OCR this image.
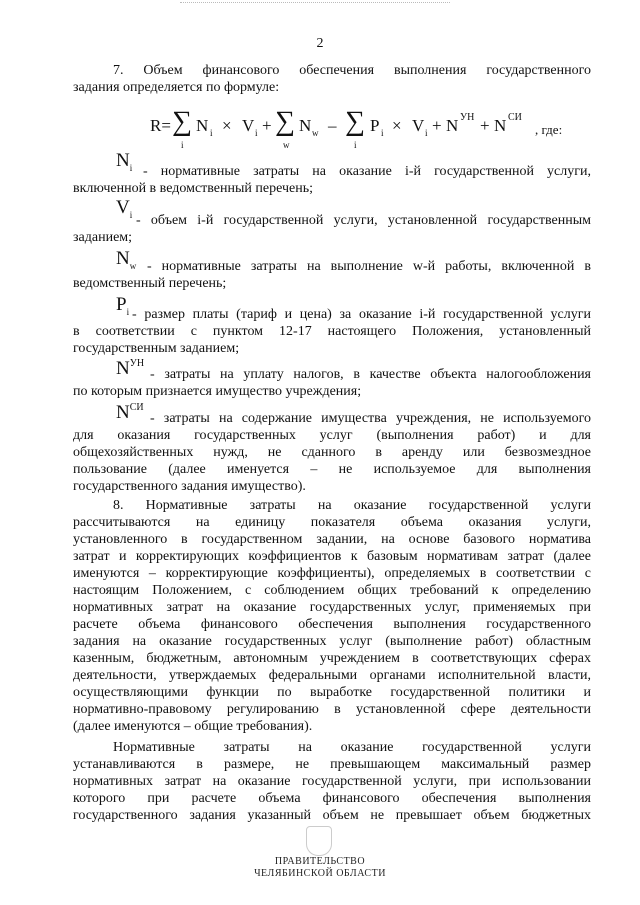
2
7. Объем финансового обеспечения выполнения государственного
задания определяется по формуле:
R= ∑
i
N i × V i + ∑
w
N w – ∑
i
P i × V i + N УН + N СИ
, где:
$N_i$ - нормативные затраты на оказание i-й государственной услуги,
включенной в ведомственный перечень;
$V_i$ - объем i-й государственной услуги, установленной государственным
заданием;
$N_w$ - нормативные затраты на выполнение w-й работы, включенной в
ведомственный перечень;
$P_i$ - размер платы (тариф и цена) за оказание i-й государственной услуги
в соответствии с пунктом 12-17 настоящего Положения, установленный
государственным заданием;
$N^{УН}$
- затраты на уплату налогов, в качестве объекта налогообложения
по которым признается имущество учреждения;
$N^{СИ}$
- затраты на содержание имущества учреждения, не используемого
для оказания государственных услуг (выполнения работ) и для
общехозяйственных нужд, не сданного в аренду или безвозмездное
пользование (далее именуется – не используемое для выполнения
государственного задания имущество).
8. Нормативные затраты на оказание государственной услуги
рассчитываются на единицу показателя объема оказания услуги,
установленного в государственном задании, на основе базового норматива
затрат и корректирующих коэффициентов к базовым нормативам затрат (далее
именуются – корректирующие коэффициенты), определяемых в соответствии с
настоящим Положением, с соблюдением общих требований к определению
нормативных затрат на оказание государственных услуг, применяемых при
расчете объема финансового обеспечения выполнения государственного
задания на оказание государственных услуг (выполнение работ) областным
казенным, бюджетным, автономным учреждением в соответствующих сферах
деятельности, утверждаемых федеральными органами исполнительной власти,
осуществляющими функции по выработке государственной политики и
нормативно-правовому регулированию в установленной сфере деятельности
(далее именуются – общие требования).
Нормативные затраты на оказание государственной услуги
устанавливаются в размере, не превышающем максимальный размер
нормативных затрат на оказание государственной услуги, при использовании
которого при расчете объема финансового обеспечения выполнения
государственного задания указанный объем не превышает объем бюджетных
ПРАВИТЕЛЬСТВО
ЧЕЛЯБИНСКОЙ ОБЛАСТИ
